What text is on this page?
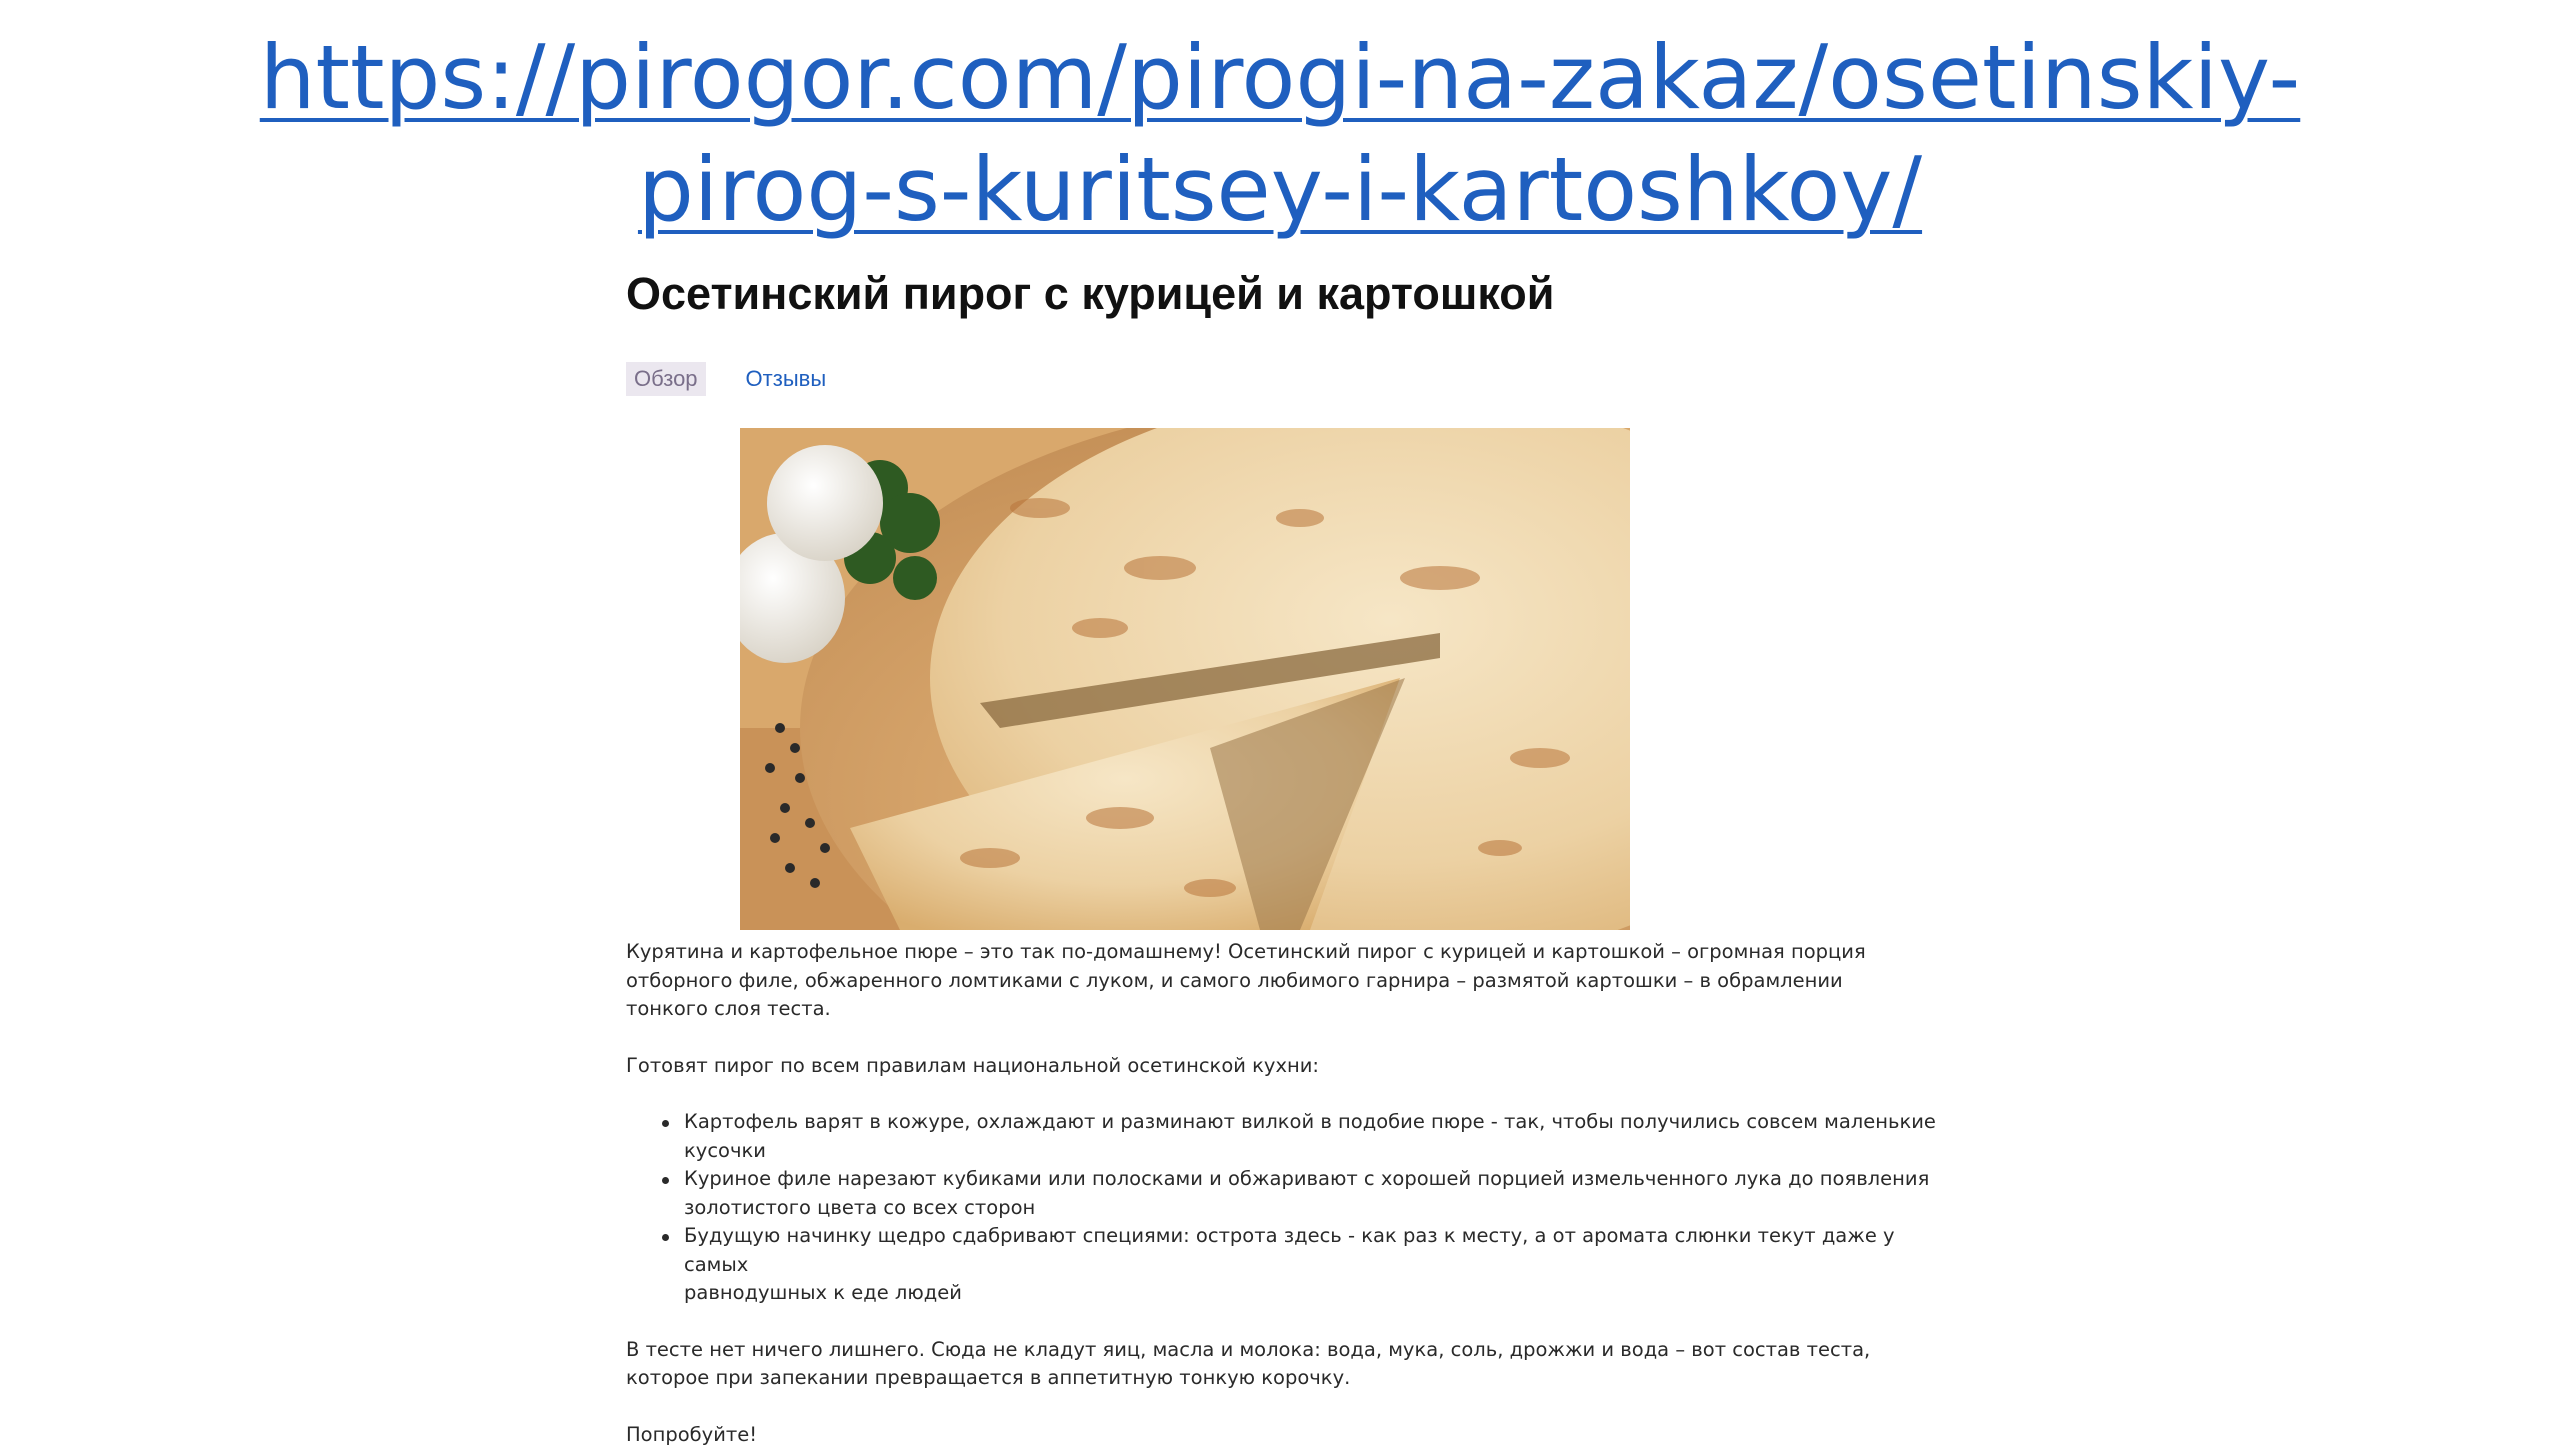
https://pirogor.com/pirogi-na-zakaz/osetinskiy-
pirog-s-kuritsey-i-kartoshkoy/
Осетинский пирог с курицей и картошкой
Обзор	Отзывы

Курятина и картофельное пюре – это так по-домашнему! Осетинский пирог с курицей и картошкой – огромная порция

отборного филе, обжаренного ломтиками с луком, и самого любимого гарнира – размятой картошки – в обрамлении

тонкого слоя теста.

Готовят пирог по всем правилам национальной осетинской кухни:

Картофель варят в кожуре, охлаждают и разминают вилкой в подобие пюре - так, чтобы получились совсем маленькие кусочки
Куриное филе нарезают кубиками или полосками и обжаривают с хорошей порцией измельченного лука до появления
золотистого цвета со всех сторон
Будущую начинку щедро сдабривают специями: острота здесь - как раз к месту, а от аромата слюнки текут даже у самых
равнодушных к еде людей

В тесте нет ничего лишнего. Сюда не кладут яиц, масла и молока: вода, мука, соль, дрожжи и вода – вот состав теста,

которое при запекании превращается в аппетитную тонкую корочку.

Попробуйте!
